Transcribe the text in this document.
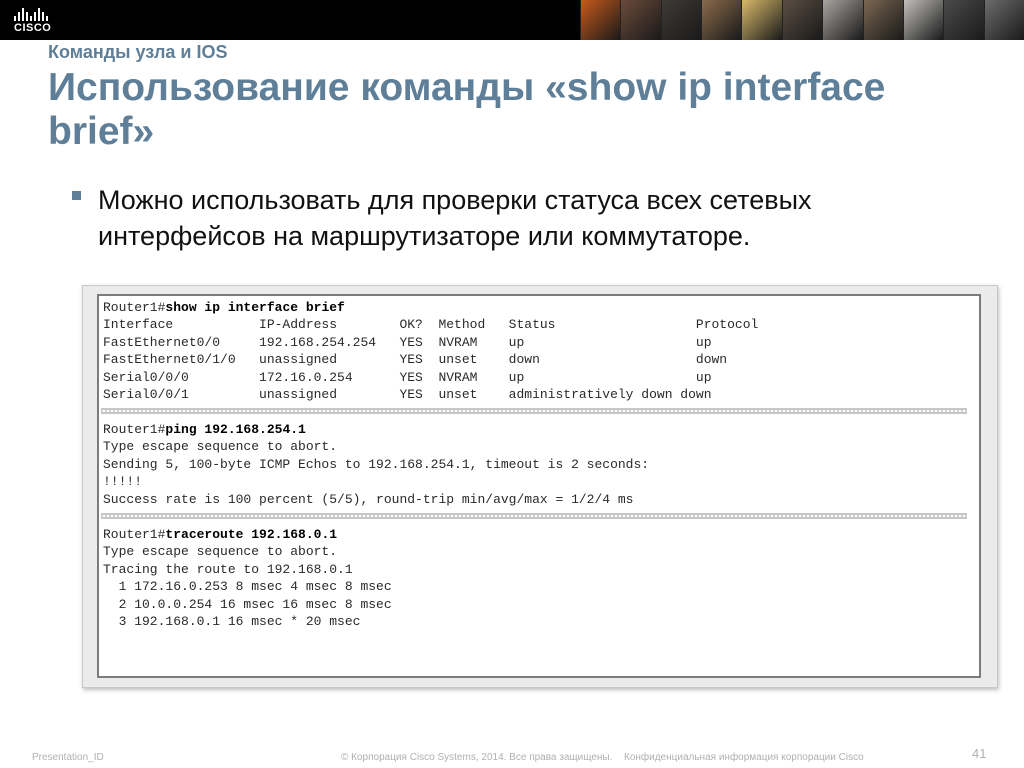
CISCO
Команды узла и IOS
Использование команды «show ip interface brief»
Можно использовать для проверки статуса всех сетевых интерфейсов на маршрутизаторе или коммутаторе.
Router1#show ip interface brief
Interface           IP-Address        OK?  Method   Status                  Protocol
FastEthernet0/0     192.168.254.254   YES  NVRAM    up                      up
FastEthernet0/1/0   unassigned        YES  unset    down                    down
Serial0/0/0         172.16.0.254      YES  NVRAM    up                      up
Serial0/0/1         unassigned        YES  unset    administratively down down
Router1#ping 192.168.254.1
Type escape sequence to abort.
Sending 5, 100-byte ICMP Echos to 192.168.254.1, timeout is 2 seconds:
!!!!!
Success rate is 100 percent (5/5), round-trip min/avg/max = 1/2/4 ms
Router1#traceroute 192.168.0.1
Type escape sequence to abort.
Tracing the route to 192.168.0.1
1 172.16.0.253 8 msec 4 msec 8 msec
2 10.0.0.254 16 msec 16 msec 8 msec
3 192.168.0.1 16 msec * 20 msec
Presentation_ID	© Корпорация Cisco Systems, 2014. Все права защищены. Конфиденциальная информация корпорации Cisco	41
